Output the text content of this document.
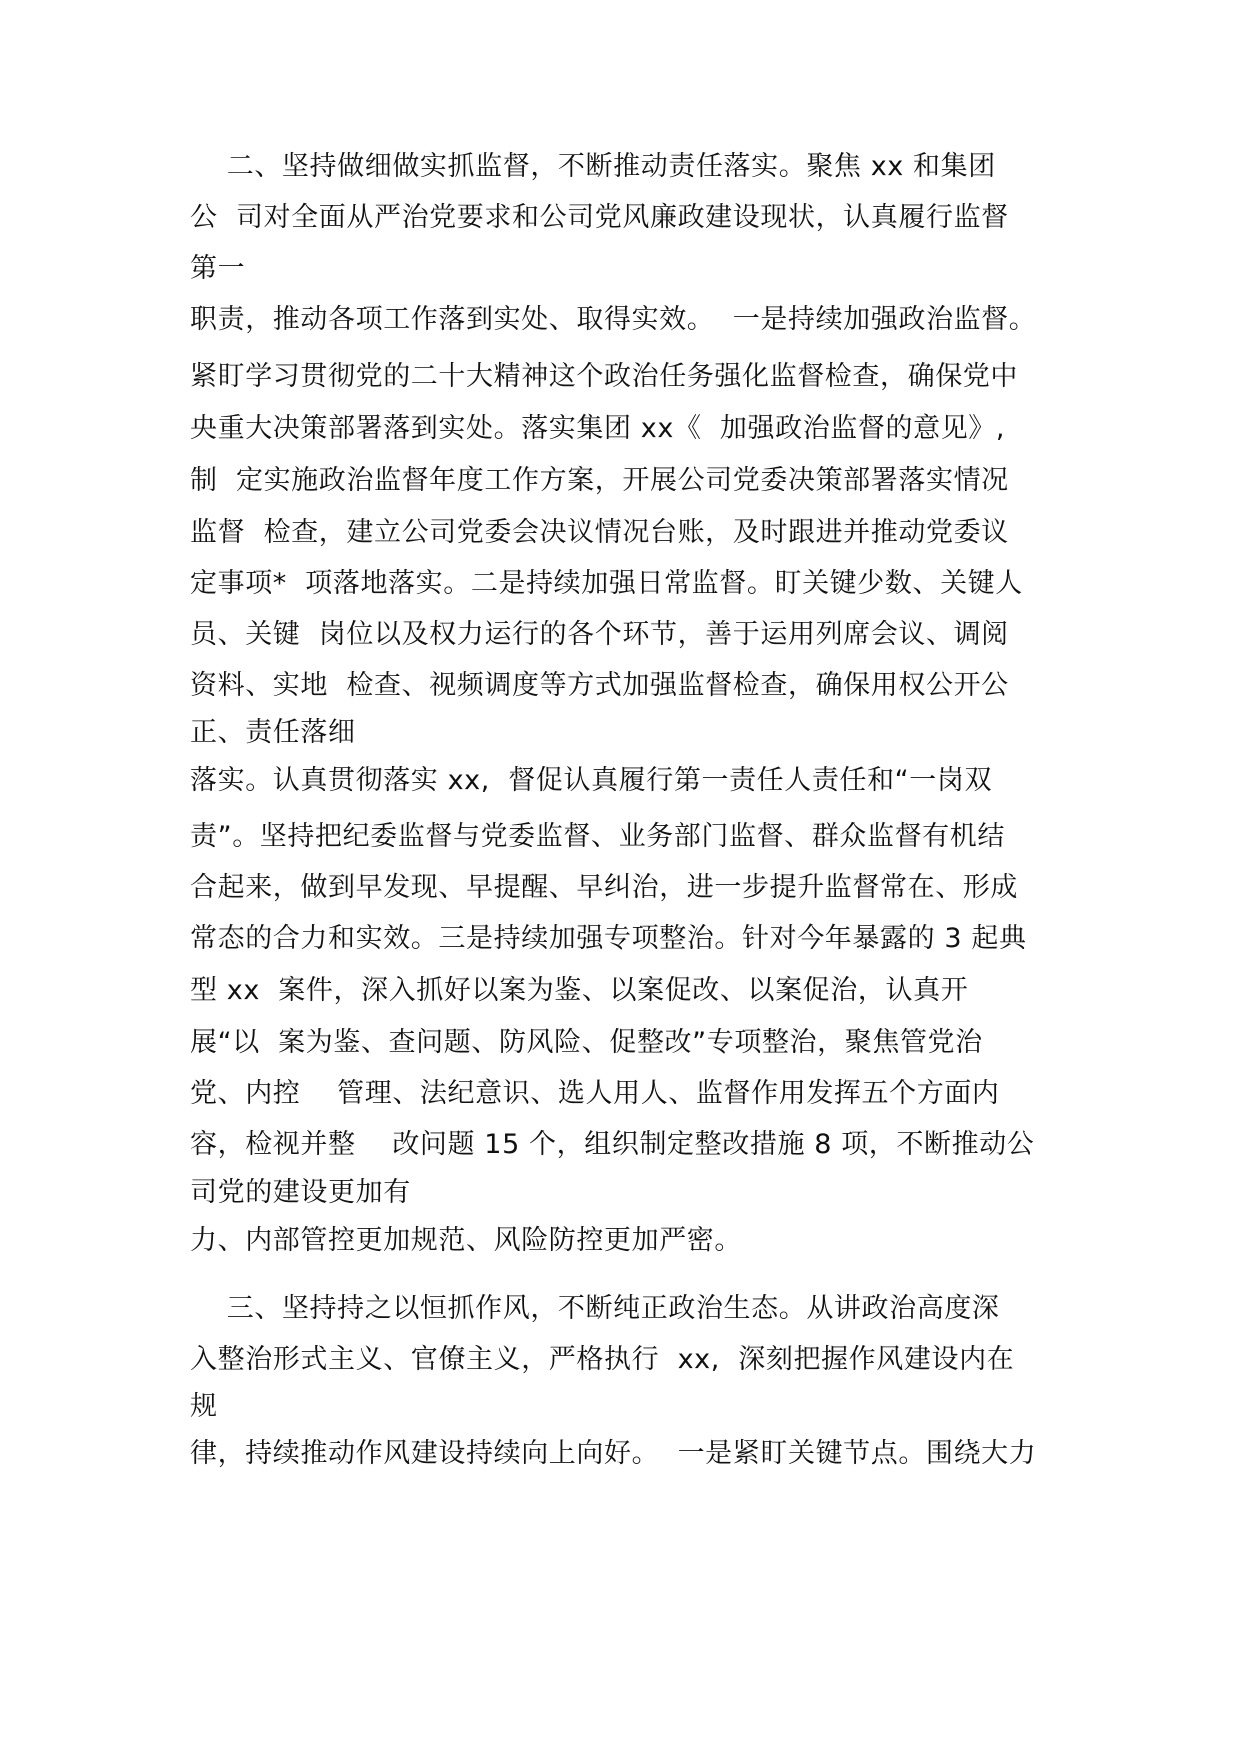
二、坚持做细做实抓监督，不断推动责任落实。聚焦 xx 和集团

公  司对全面从严治党要求和公司党风廉政建设现状，认真履行监督

第一

职责，推动各项工作落到实处、取得实效。  一是持续加强政治监督。

紧盯学习贯彻党的二十大精神这个政治任务强化监督检查，确保党中

央重大决策部署落到实处。落实集团 xx《  加强政治监督的意见》,

制  定实施政治监督年度工作方案，开展公司党委决策部署落实情况

监督  检查，建立公司党委会决议情况台账，及时跟进并推动党委议

定事项*  项落地落实。二是持续加强日常监督。盯关键少数、关键人

员、关键  岗位以及权力运行的各个环节，善于运用列席会议、调阅

资料、实地  检查、视频调度等方式加强监督检查，确保用权公开公

正、责任落细

落实。认真贯彻落实 xx,  督促认真履行第一责任人责任和“一岗双

责”。坚持把纪委监督与党委监督、业务部门监督、群众监督有机结

合起来，做到早发现、早提醒、早纠治，进一步提升监督常在、形成

常态的合力和实效。三是持续加强专项整治。针对今年暴露的 3 起典

型 xx  案件，深入抓好以案为鉴、以案促改、以案促治，认真开

展“以  案为鉴、查问题、防风险、促整改”专项整治，聚焦管党治

党、内控    管理、法纪意识、选人用人、监督作用发挥五个方面内

容，检视并整    改问题 15 个，组织制定整改措施 8 项，不断推动公

司党的建设更加有

力、内部管控更加规范、风险防控更加严密。

三、坚持持之以恒抓作风，不断纯正政治生态。从讲政治高度深

入整治形式主义、官僚主义，严格执行  xx,  深刻把握作风建设内在

规

律，持续推动作风建设持续向上向好。  一是紧盯关键节点。围绕大力
